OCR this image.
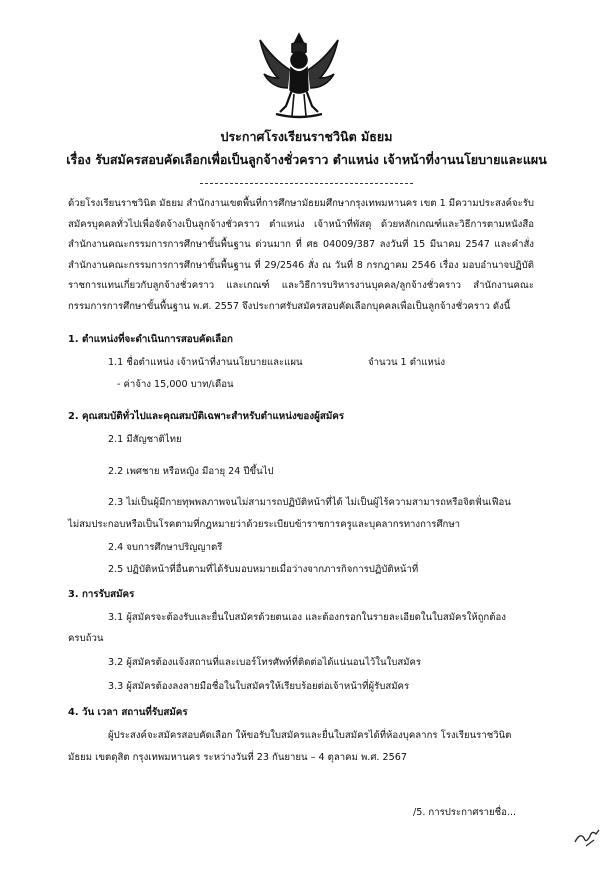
ประกาศโรงเรียนราชวินิต มัธยม
เรื่อง รับสมัครสอบคัดเลือกเพื่อเป็นลูกจ้างชั่วคราว ตำแหน่ง เจ้าหน้าที่งานนโยบายและแผน
ด้วยโรงเรียนราชวินิต มัธยม สำนักงานเขตพื้นที่การศึกษามัธยมศึกษากรุงเทพมหานคร เขต 1 มีความประสงค์จะรับสมัครบุคคลทั่วไปเพื่อจัดจ้างเป็นลูกจ้างชั่วคราว ตำแหน่ง เจ้าหน้าที่พัสดุ ด้วยหลักเกณฑ์และวิธีการตามหนังสือสำนักงานคณะกรรมการการศึกษาขั้นพื้นฐาน ด่วนมาก ที่ ศธ 04009/387 ลงวันที่ 15 มีนาคม 2547 และคำสั่งสำนักงานคณะกรรมการการศึกษาขั้นพื้นฐาน ที่ 29/2546 สั่ง ณ วันที่ 8 กรกฎาคม 2546 เรื่อง มอบอำนาจปฏิบัติราชการแทนเกี่ยวกับลูกจ้างชั่วคราว และเกณฑ์ และวิธีการบริหารงานบุคคล/ลูกจ้างชั่วคราว สำนักงานคณะกรรมการการศึกษาขั้นพื้นฐาน พ.ศ. 2557 จึงประกาศรับสมัครสอบคัดเลือกบุคคลเพื่อเป็นลูกจ้างชั่วคราว ดังนี้
1. ตำแหน่งที่จะดำเนินการสอบคัดเลือก
1.1 ชื่อตำแหน่ง เจ้าหน้าที่งานนโยบายและแผน	จำนวน 1 ตำแหน่ง
- ค่าจ้าง 15,000 บาท/เดือน
2. คุณสมบัติทั่วไปและคุณสมบัติเฉพาะสำหรับตำแหน่งของผู้สมัคร
2.1 มีสัญชาติไทย
2.2 เพศชาย หรือหญิง มีอายุ 24 ปีขึ้นไป
2.3 ไม่เป็นผู้มีกายทุพพลภาพจนไม่สามารถปฏิบัติหน้าที่ได้ ไม่เป็นผู้ไร้ความสามารถหรือจิตฟั่นเฟือน
ไม่สมประกอบหรือเป็นโรคตามที่กฎหมายว่าด้วยระเบียบข้าราชการครูและบุคลากรทางการศึกษา
2.4 จบการศึกษาปริญญาตรี
2.5 ปฏิบัติหน้าที่อื่นตามที่ได้รับมอบหมายเมื่อว่างจากภารกิจการปฏิบัติหน้าที่
3. การรับสมัคร
3.1 ผู้สมัครจะต้องรับและยื่นใบสมัครด้วยตนเอง และต้องกรอกในรายละเอียดในใบสมัครให้ถูกต้อง
ครบถ้วน
3.2 ผู้สมัครต้องแจ้งสถานที่และเบอร์โทรศัพท์ที่ติดต่อได้แน่นอนไว้ในใบสมัคร
3.3 ผู้สมัครต้องลงลายมือชื่อในใบสมัครให้เรียบร้อยต่อเจ้าหน้าที่ผู้รับสมัคร
4. วัน เวลา สถานที่รับสมัคร
ผู้ประสงค์จะสมัครสอบคัดเลือก ให้ขอรับใบสมัครและยื่นใบสมัครได้ที่ห้องบุคลากร โรงเรียนราชวินิต
มัธยม เขตดุสิต กรุงเทพมหานคร ระหว่างวันที่ 23 กันยายน – 4 ตุลาคม พ.ศ. 2567
/5. การประกาศรายชื่อ...
